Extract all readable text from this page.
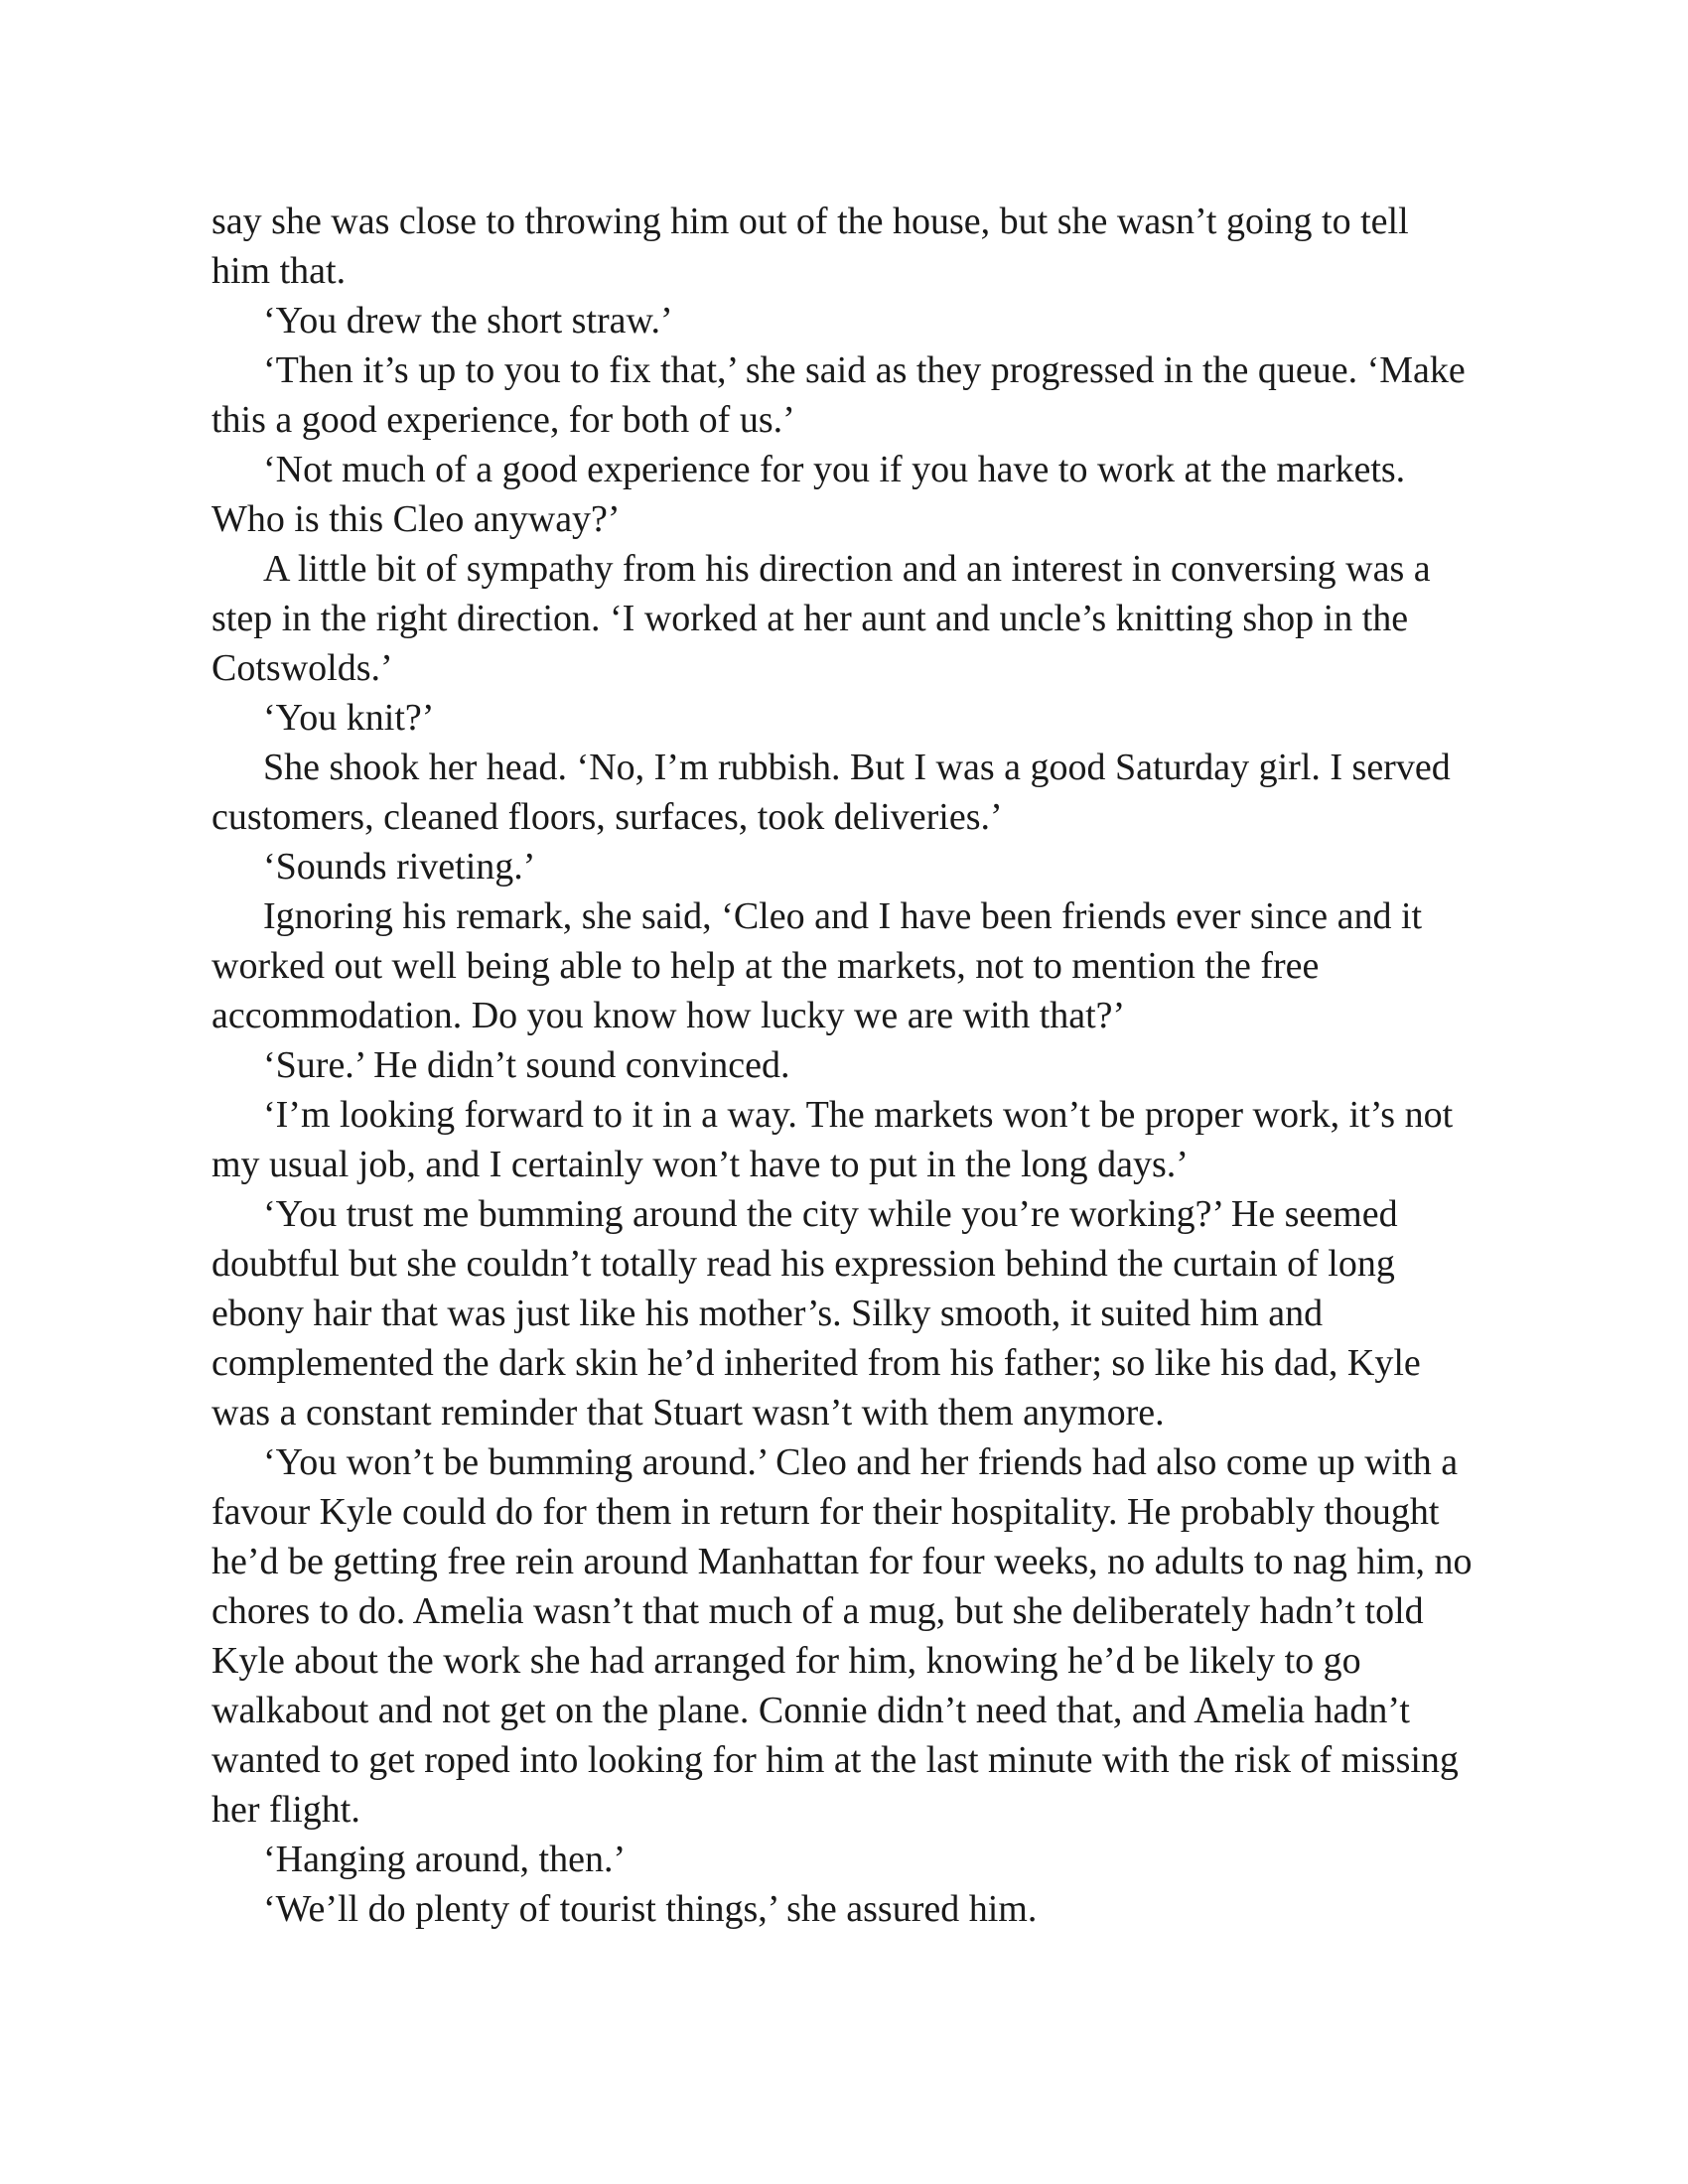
say she was close to throwing him out of the house, but she wasn’t going to tell him that.

‘You drew the short straw.’

‘Then it’s up to you to fix that,’ she said as they progressed in the queue. ‘Make this a good experience, for both of us.’

‘Not much of a good experience for you if you have to work at the markets. Who is this Cleo anyway?’

A little bit of sympathy from his direction and an interest in conversing was a step in the right direction. ‘I worked at her aunt and uncle’s knitting shop in the Cotswolds.’

‘You knit?’

She shook her head. ‘No, I’m rubbish. But I was a good Saturday girl. I served customers, cleaned floors, surfaces, took deliveries.’

‘Sounds riveting.’

Ignoring his remark, she said, ‘Cleo and I have been friends ever since and it worked out well being able to help at the markets, not to mention the free accommodation. Do you know how lucky we are with that?’

‘Sure.’ He didn’t sound convinced.

‘I’m looking forward to it in a way. The markets won’t be proper work, it’s not my usual job, and I certainly won’t have to put in the long days.’

‘You trust me bumming around the city while you’re working?’ He seemed doubtful but she couldn’t totally read his expression behind the curtain of long ebony hair that was just like his mother’s. Silky smooth, it suited him and complemented the dark skin he’d inherited from his father; so like his dad, Kyle was a constant reminder that Stuart wasn’t with them anymore.

‘You won’t be bumming around.’ Cleo and her friends had also come up with a favour Kyle could do for them in return for their hospitality. He probably thought he’d be getting free rein around Manhattan for four weeks, no adults to nag him, no chores to do. Amelia wasn’t that much of a mug, but she deliberately hadn’t told Kyle about the work she had arranged for him, knowing he’d be likely to go walkabout and not get on the plane. Connie didn’t need that, and Amelia hadn’t wanted to get roped into looking for him at the last minute with the risk of missing her flight.

‘Hanging around, then.’

‘We’ll do plenty of tourist things,’ she assured him.
